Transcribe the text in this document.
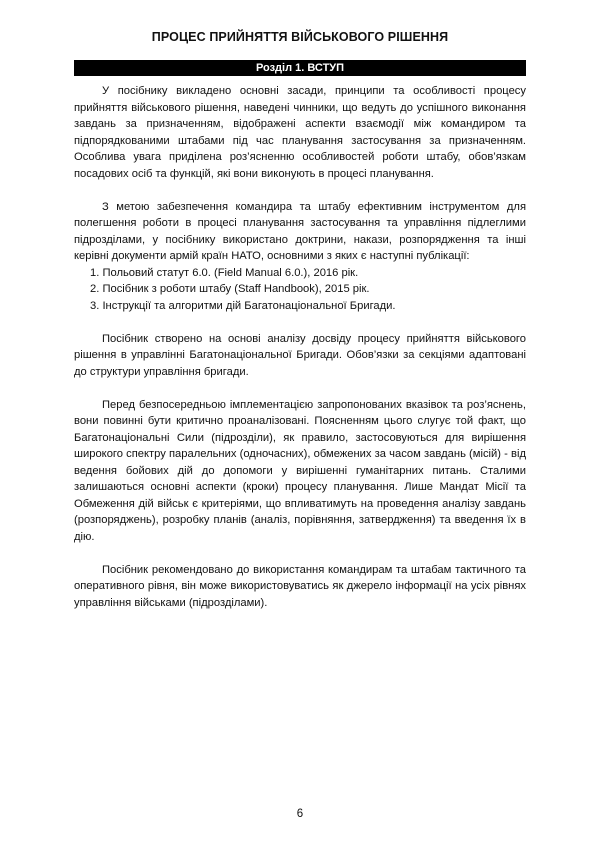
ПРОЦЕС ПРИЙНЯТТЯ ВІЙСЬКОВОГО РІШЕННЯ
Розділ 1. ВСТУП

У посібнику викладено основні засади, принципи та особливості процесу прийняття військового рішення, наведені чинники, що ведуть до успішного виконання завдань за призначенням, відображені аспекти взаємодії між командиром та підпорядкованими штабами під час планування застосування за призначенням. Особлива увага приділена роз’ясненню особливостей роботи штабу, обов’язкам посадових осіб та функцій, які вони виконують в процесі планування.

З метою забезпечення командира та штабу ефективним інструментом для полегшення роботи в процесі планування застосування та управління підлеглими підрозділами, у посібнику використано доктрини, накази, розпорядження та інші керівні документи армій країн НАТО, основними з яких є наступні публікації:

1. Польовий статут 6.0. (Field Manual 6.0.), 2016 рік.
2. Посібник з роботи штабу (Staff Handbook), 2015 рік.
3. Інструкції та алгоритми дій Багатонаціональної Бригади.

Посібник створено на основі аналізу досвіду процесу прийняття військового рішення в управлінні Багатонаціональної Бригади. Обов’язки за секціями адаптовані до структури управління бригади.

Перед безпосередньою імплементацією запропонованих вказівок та роз’яснень, вони повинні бути критично проаналізовані. Поясненням цього слугує той факт, що Багатонаціональні Сили (підрозділи), як правило, застосовуються для вирішення широкого спектру паралельних (одночасних), обмежених за часом завдань (місій) - від ведення бойових дій до допомоги у вирішенні гуманітарних питань. Сталими залишаються основні аспекти (кроки) процесу планування. Лише Мандат Місії та Обмеження дій військ є критеріями, що впливатимуть на проведення аналізу завдань (розпоряджень), розробку планів (аналіз, порівняння, затвердження) та введення їх в дію.

Посібник рекомендовано до використання командирам та штабам тактичного та оперативного рівня, він може використовуватись як джерело інформації на усіх рівнях управління військами (підрозділами).

6
